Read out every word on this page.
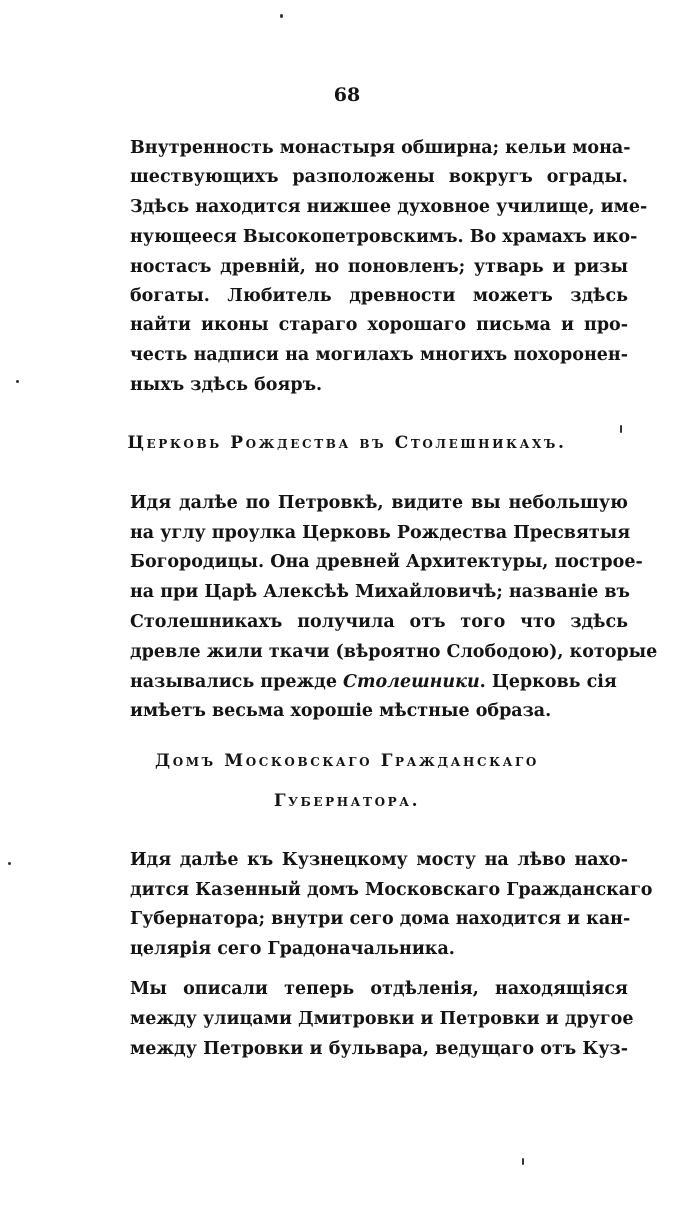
68
Внутренность монастыря обширна; кельи мона-
шествующихъ разположены вокругъ ограды.
Здѣсь находится нижшее духовное училище, име-
нующееся Высокопетровскимъ. Во храмахъ ико-
ностасъ древній, но поновленъ; утварь и ризы
богаты. Любитель древности можетъ здѣсь
найти иконы стараго хорошаго письма и про-
честь надписи на могилахъ многихъ похоронен-
ныхъ здѣсь бояръ.
Церковь Рождества въ Столешникахъ.
Идя далѣе по Петровкѣ, видите вы небольшую
на углу проулка Церковь Рождества Пресвятыя
Богородицы. Она древней Архитектуры, построе-
на при Царѣ Алексѣѣ Михайловичѣ; названіе въ
Столешникахъ получила отъ того что здѣсь
древле жили ткачи (вѣроятно Слободою), которые
назывались прежде Столешники. Церковь сія
имѣетъ весьма хорошіе мѣстные образа.
Домъ Московскаго Гражданскаго
Губернатора.
Идя далѣе къ Кузнецкому мосту на лѣво нахо-
дится Казенный домъ Московскаго Гражданскаго
Губернатора; внутри сего дома находится и кан-
целярія сего Градоначальника.
Мы описали теперь отдѣленія, находящіяся
между улицами Дмитровки и Петровки и другое
между Петровки и бульвара, ведущаго отъ Куз-
